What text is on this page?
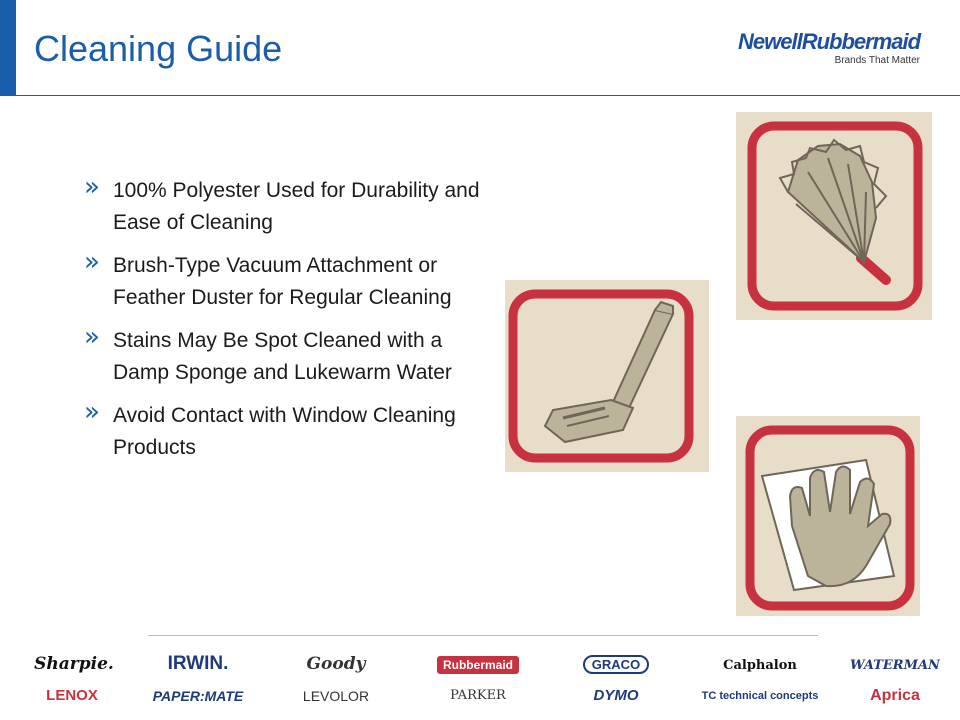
Cleaning Guide	NewellRubbermaid
Brands That Matter
» 100% Polyester Used for Durability and Ease of Cleaning
» Brush-Type Vacuum Attachment or Feather Duster for Regular Cleaning
» Stains May Be Spot Cleaned with a Damp Sponge and Lukewarm Water
» Avoid Contact with Window Cleaning Products
Sharpie.	IRWIN.	Goody	Rubbermaid	GRACO	Calphalon	WATERMAN
LENOX	PAPER:MATE	LEVOLOR	PARKER	DYMO	TC technical concepts	Aprica
